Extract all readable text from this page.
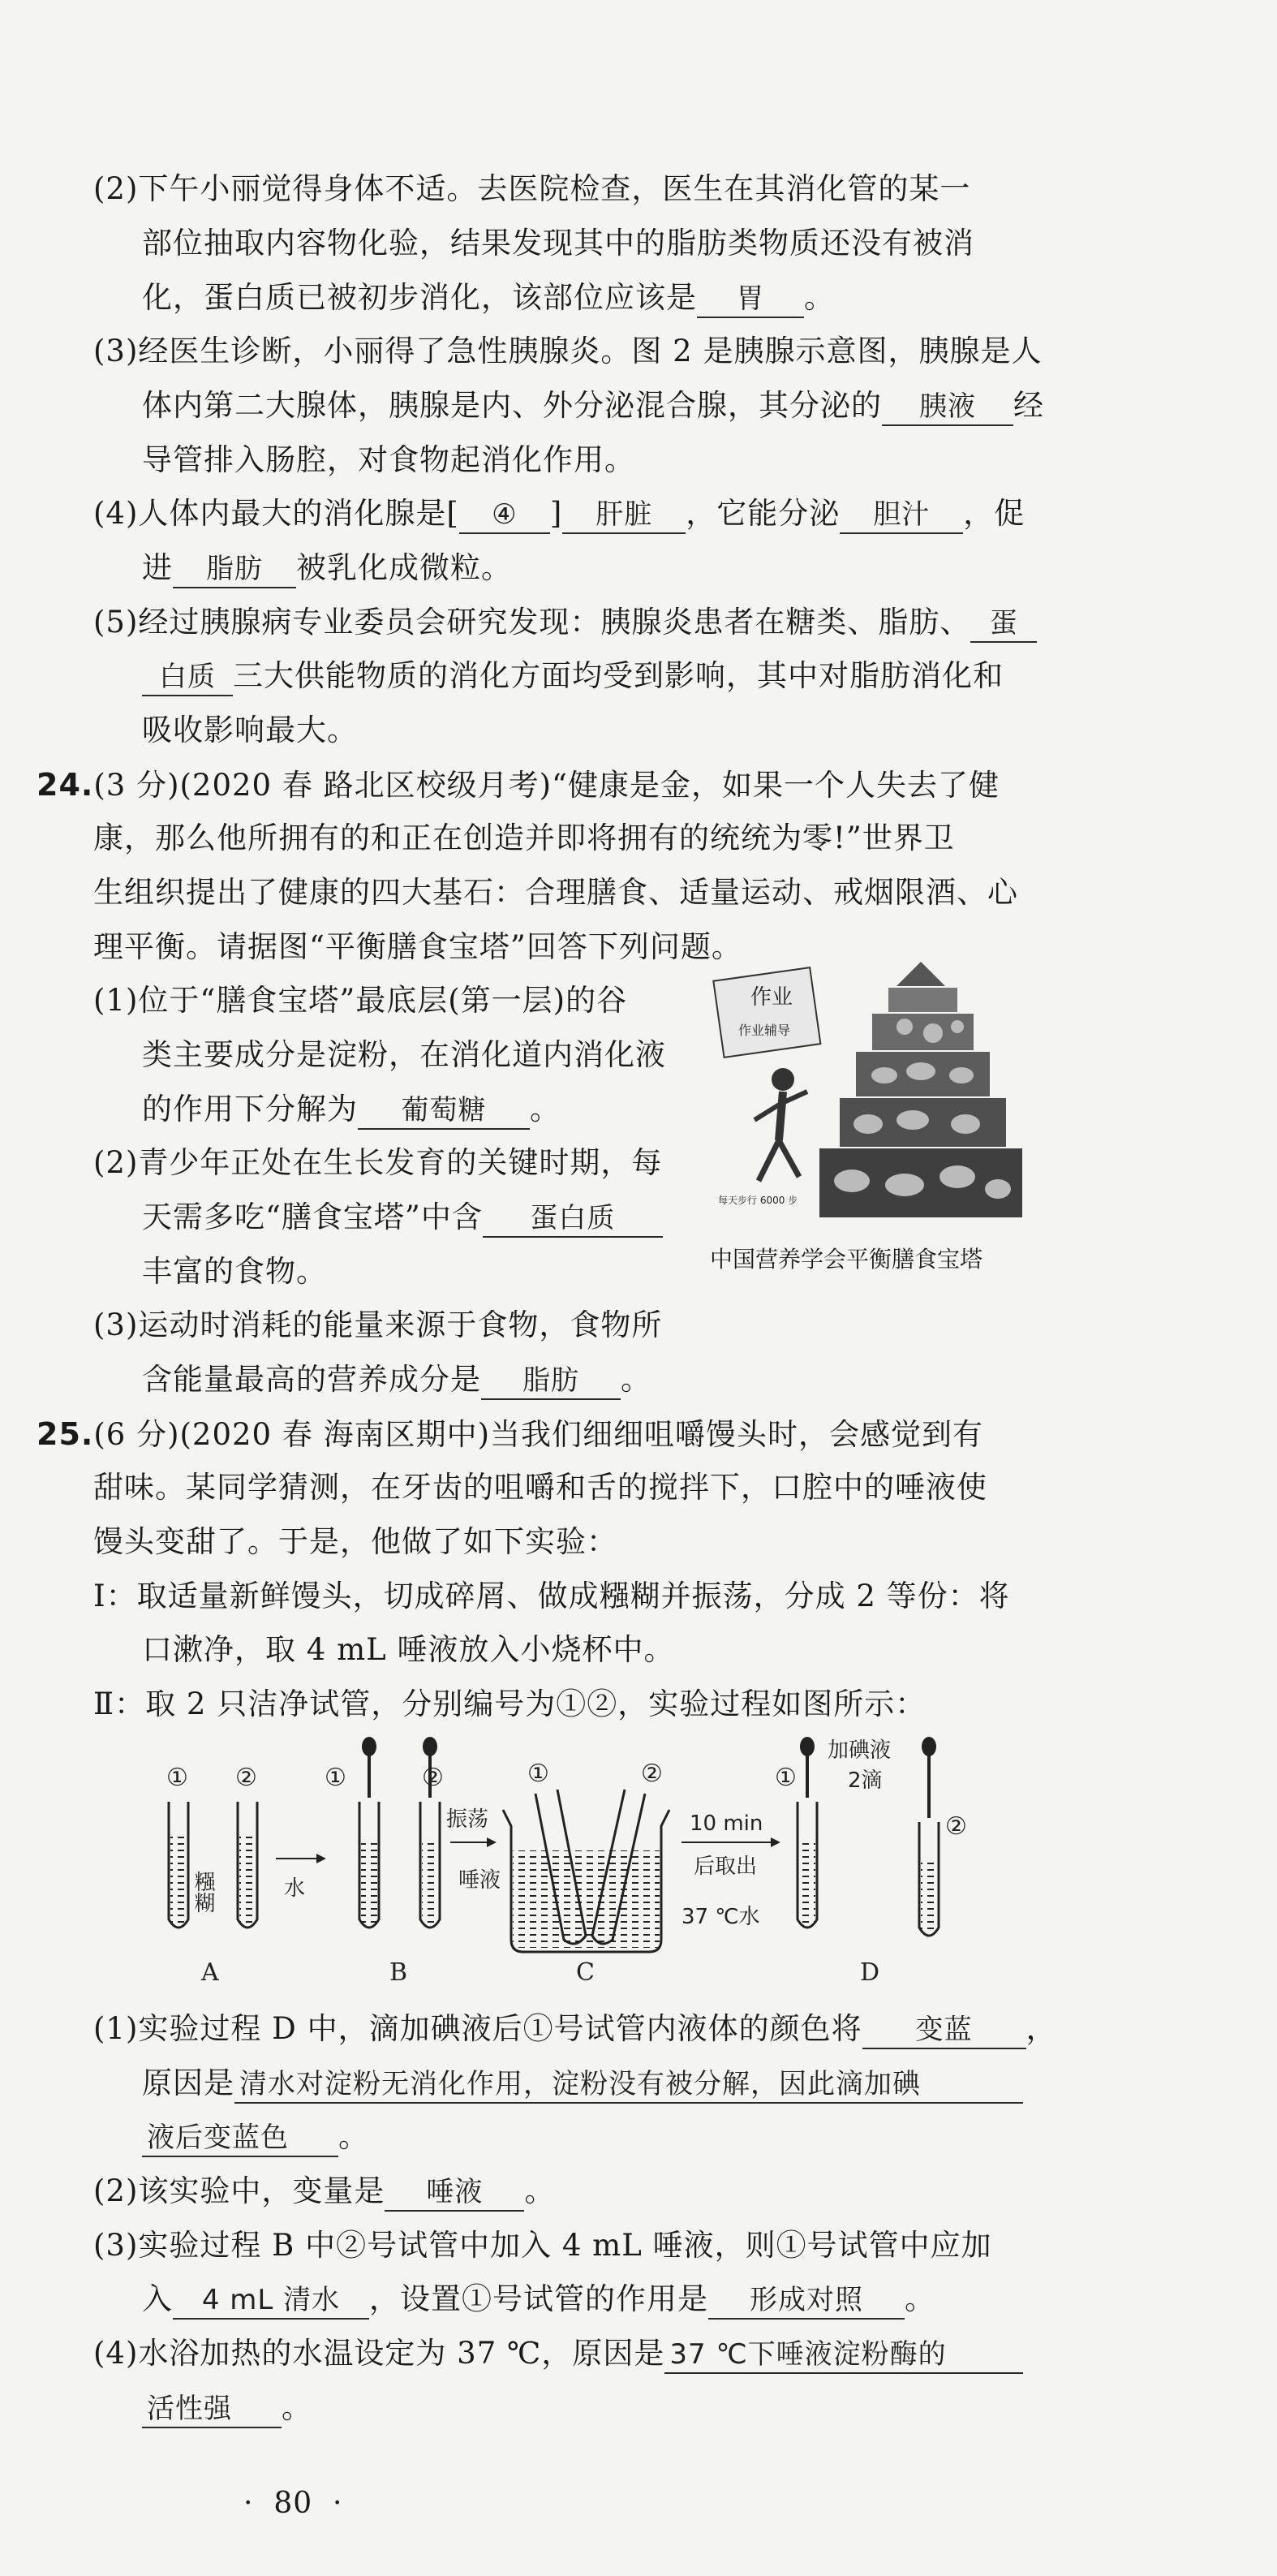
(2)下午小丽觉得身体不适。去医院检查，医生在其消化管的某一
部位抽取内容物化验，结果发现其中的脂肪类物质还没有被消
化，蛋白质已被初步消化，该部位应该是 胃 。
(3)经医生诊断，小丽得了急性胰腺炎。图 2 是胰腺示意图，胰腺是人
体内第二大腺体，胰腺是内、外分泌混合腺，其分泌的 胰液 经
导管排入肠腔，对食物起消化作用。
(4)人体内最大的消化腺是[ ④ ] 肝脏 ，它能分泌 胆汁 ，促
进 脂肪 被乳化成微粒。
(5)经过胰腺病专业委员会研究发现：胰腺炎患者在糖类、脂肪、 蛋
白质 三大供能物质的消化方面均受到影响，其中对脂肪消化和
吸收影响最大。
24.(3 分)(2020 春 路北区校级月考)“健康是金，如果一个人失去了健
康，那么他所拥有的和正在创造并即将拥有的统统为零!”世界卫
生组织提出了健康的四大基石：合理膳食、适量运动、戒烟限酒、心
理平衡。请据图“平衡膳食宝塔”回答下列问题。
(1)位于“膳食宝塔”最底层(第一层)的谷
类主要成分是淀粉，在消化道内消化液
的作用下分解为 葡萄糖 。
(2)青少年正处在生长发育的关键时期，每
天需多吃“膳食宝塔”中含 蛋白质
丰富的食物。
(3)运动时消耗的能量来源于食物，食物所
含能量最高的营养成分是 脂肪 。
作业
作业辅导
每天步行 6000 步
中国营养学会平衡膳食宝塔
25.(6 分)(2020 春 海南区期中)当我们细细咀嚼馒头时，会感觉到有
甜味。某同学猜测，在牙齿的咀嚼和舌的搅拌下，口腔中的唾液使
馒头变甜了。于是，他做了如下实验：
Ⅰ：取适量新鲜馒头，切成碎屑、做成糨糊并振荡，分成 2 等份：将
口漱净，取 4 mL 唾液放入小烧杯中。
Ⅱ：取 2 只洁净试管，分别编号为①②，实验过程如图所示：
① ②
糨糊
A
水
①	②
唾液
B
振荡
①	②
C
10 min
后取出
37 ℃水
①
加碘液
2滴
②
D
(1)实验过程 D 中，滴加碘液后①号试管内液体的颜色将 变蓝 ，
原因是 清水对淀粉无消化作用，淀粉没有被分解，因此滴加碘
液后变蓝色 。
(2)该实验中，变量是 唾液 。
(3)实验过程 B 中②号试管中加入 4 mL 唾液，则①号试管中应加
入 4 mL 清水 ，设置①号试管的作用是 形成对照 。
(4)水浴加热的水温设定为 37 ℃，原因是 37 ℃下唾液淀粉酶的
活性强 。
· 80 ·
